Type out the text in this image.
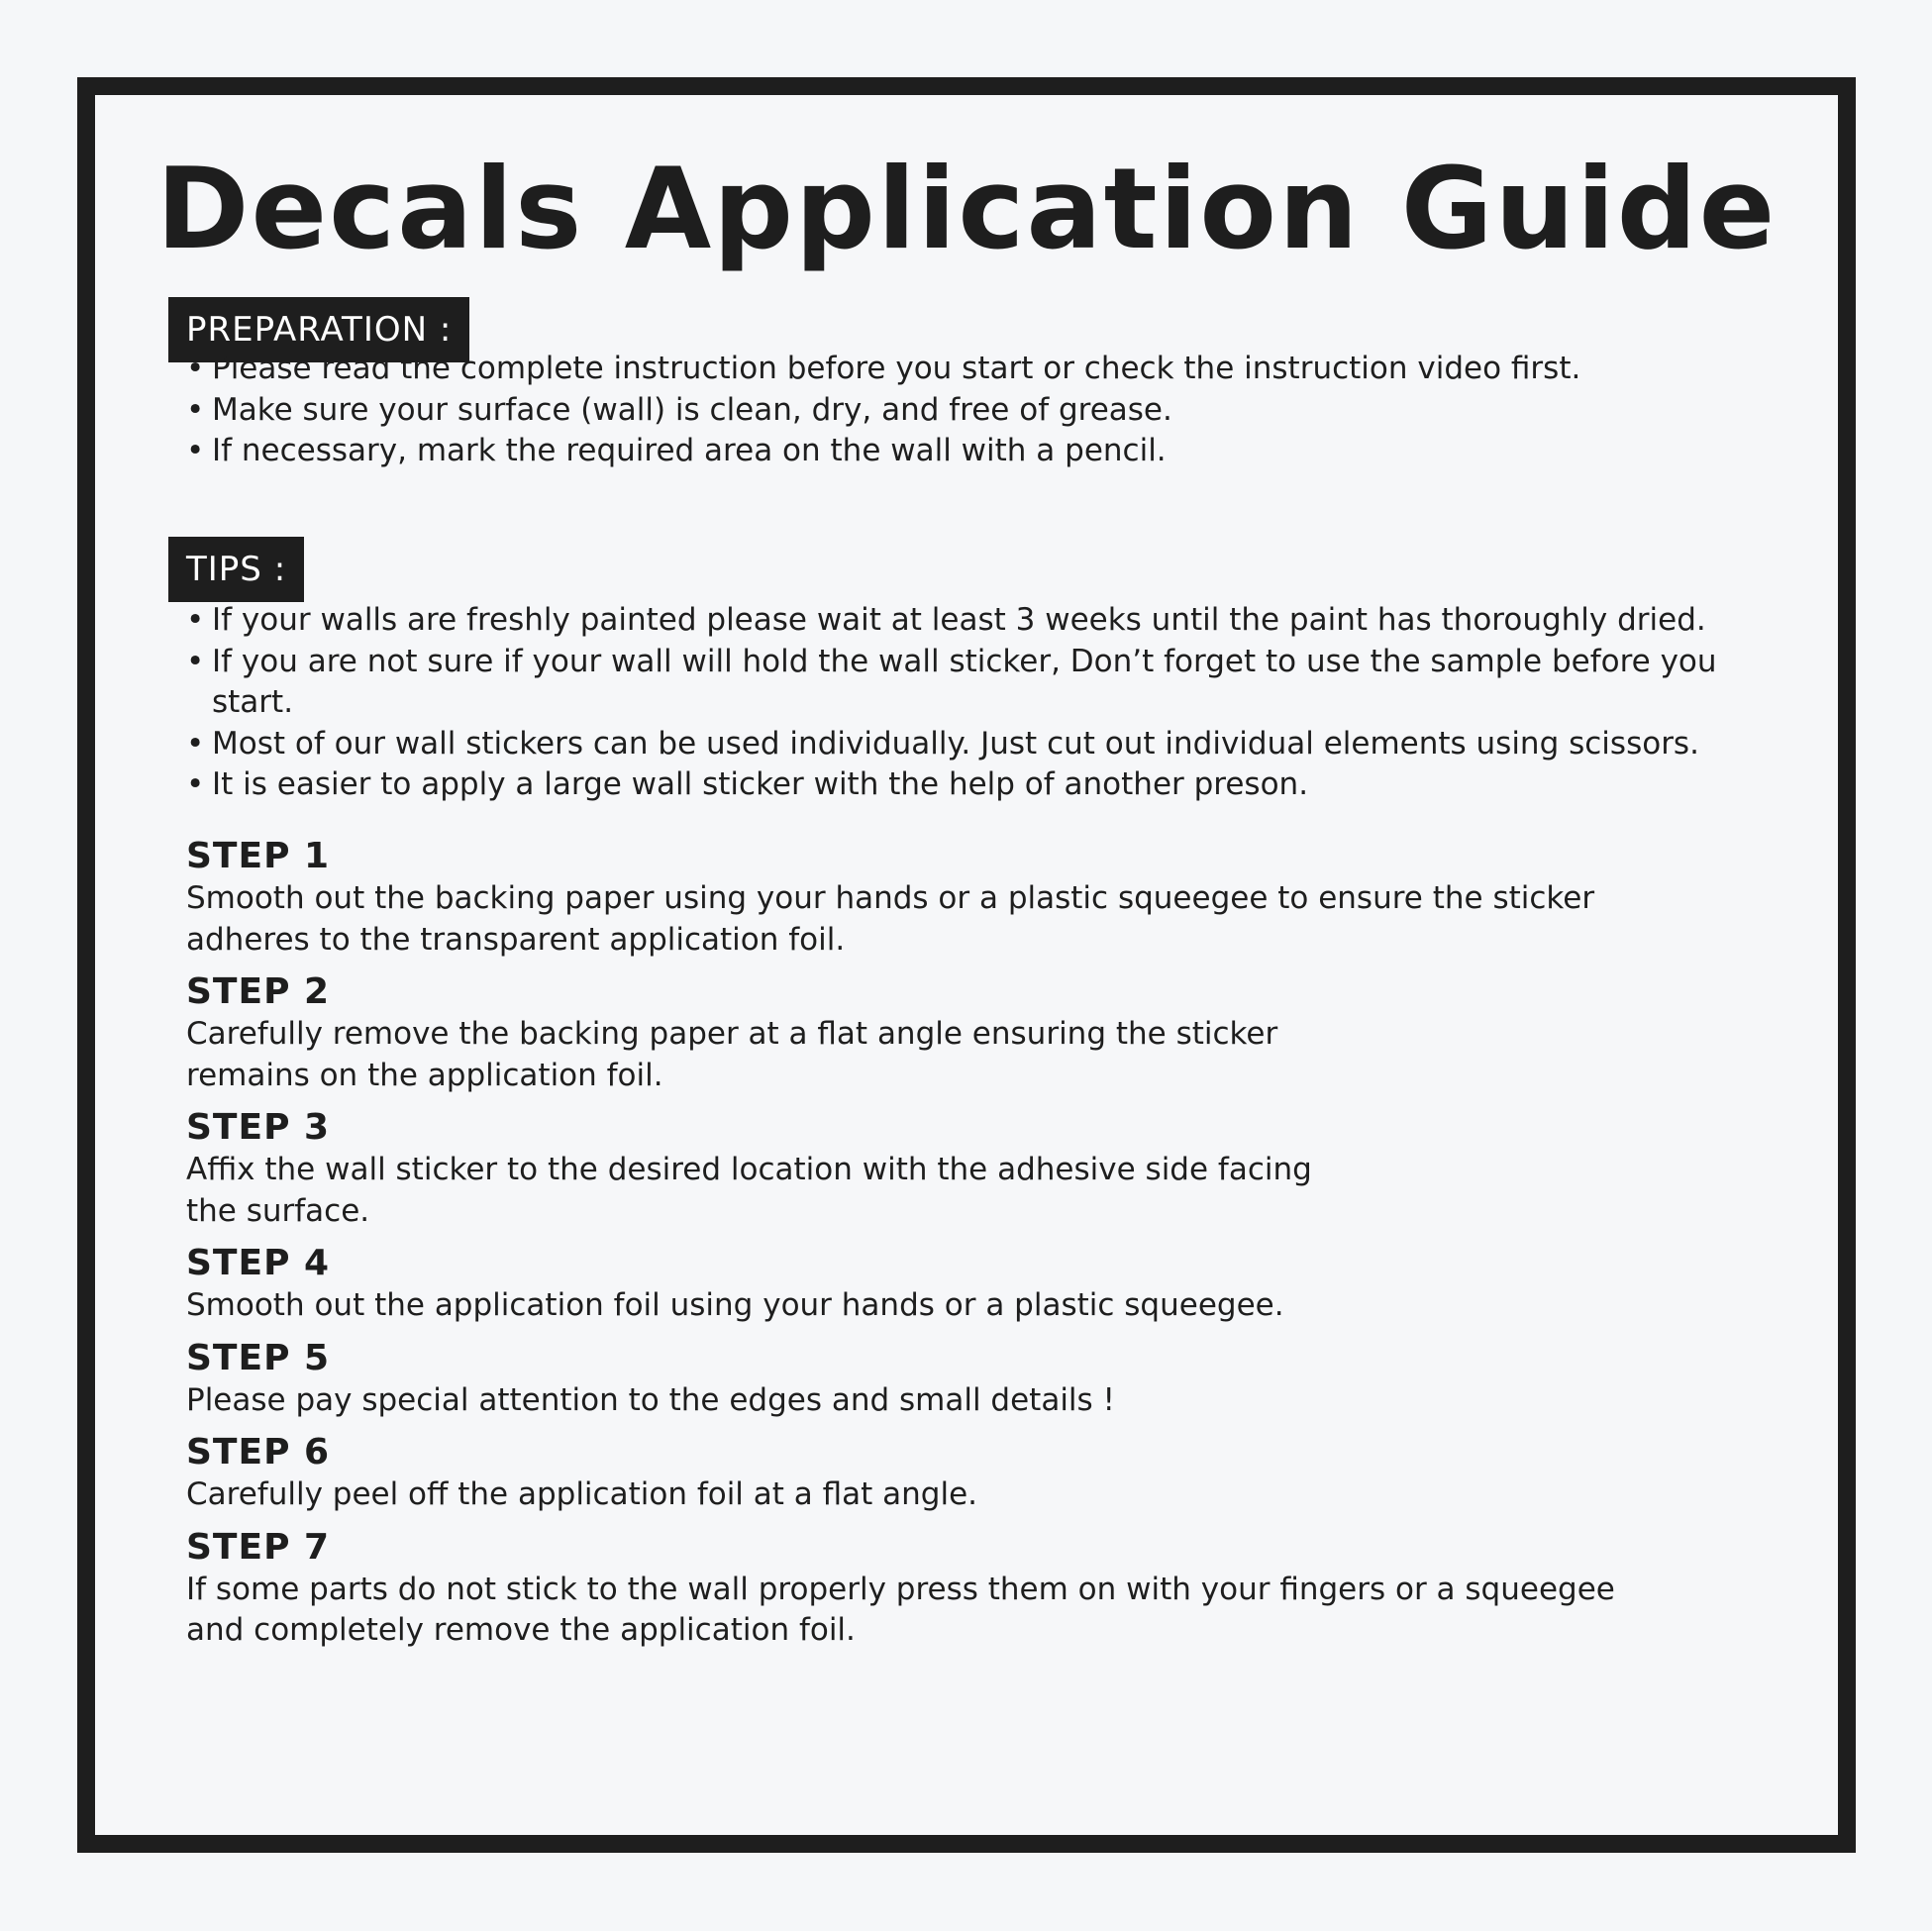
Decals Application Guide
PREPARATION :
• Please read the complete instruction before you start or check the instruction video first.
• Make sure your surface (wall) is clean, dry, and free of grease.
• If necessary, mark the required area on the wall with a pencil.
TIPS :
• If your walls are freshly painted please wait at least 3 weeks until the paint has thoroughly dried.
• If you are not sure if your wall will hold the wall sticker, Don’t forget to use the sample before you start.
• Most of our wall stickers can be used individually. Just cut out individual elements using scissors.
• It is easier to apply a large wall sticker with the help of another preson.
STEP 1
Smooth out the backing paper using your hands or a plastic squeegee to ensure the sticker
adheres to the transparent application foil.
STEP 2
Carefully remove the backing paper at a flat angle ensuring the sticker
remains on the application foil.
STEP 3
Affix the wall sticker to the desired location with the adhesive side facing
the surface.
STEP 4
Smooth out the application foil using your hands or a plastic squeegee.
STEP 5
Please pay special attention to the edges and small details !
STEP 6
Carefully peel off the application foil at a flat angle.
STEP 7
If some parts do not stick to the wall properly press them on with your fingers or a squeegee
and completely remove the application foil.
